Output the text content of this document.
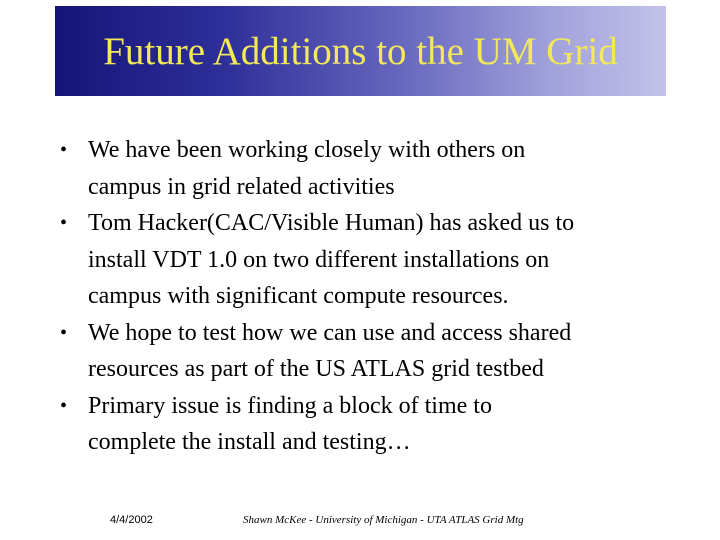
Future Additions to the UM Grid
• We have been working closely with others on
campus in grid related activities
• Tom Hacker(CAC/Visible Human) has asked us to
install VDT 1.0 on two different installations on
campus with significant compute resources.
• We hope to test how we can use and access shared
resources as part of the US ATLAS grid testbed
• Primary issue is finding a block of time to
complete the install and testing…
4/4/2002	Shawn McKee - University of Michigan - UTA ATLAS Grid Mtg
